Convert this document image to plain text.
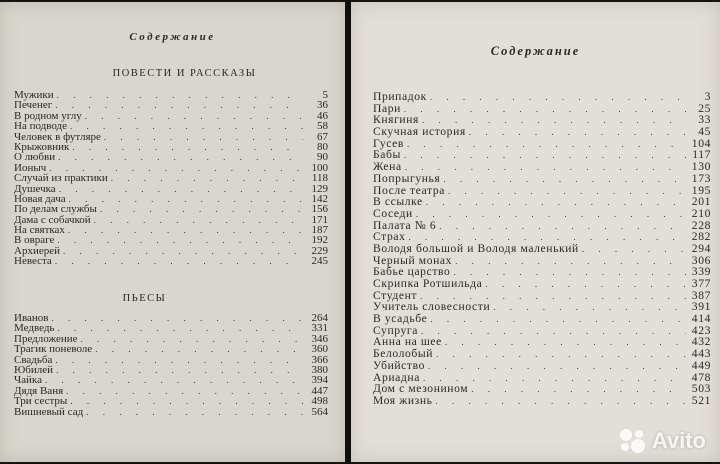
Содержание
ПОВЕСТИ И РАССКАЗЫ
Мужики . . .	5
Печенег . . .	36
В родном углу . . .	46
На подводе . . .	58
Человек в футляре . . .	67
Крыжовник . . .	80
О любви . . .	90
Ионыч . . .	100
Случай из практики . . .	118
Душечка . . .	129
Новая дача . . .	142
По делам службы . . .	156
Дама с собачкой . . .	171
На святках . . .	187
В овраге . . .	192
Архиерей . . .	229
Невеста . . .	245
ПЬЕСЫ
Иванов . . .	264
Медведь . . .	331
Предложение . . .	346
Трагик поневоле . . .	360
Свадьба . . .	366
Юбилей . . .	380
Чайка . . .	394
Дядя Ваня . . .	447
Три сестры . . .	498
Вишневый сад . . .	564
Содержание
Припадок . . .	3
Пари . . .	25
Княгиня . . .	33
Скучная история . . .	45
Гусев . . .	104
Бабы . . .	117
Жена . . .	130
Попрыгунья . . .	173
После театра . . .	195
В ссылке . . .	201
Соседи . . .	210
Палата № 6 . . .	228
Страх . . .	282
Володя большой и Володя маленький . . .	294
Черный монах . . .	306
Бабье царство . . .	339
Скрипка Ротшильда . . .	377
Студент . . .	387
Учитель словесности . . .	391
В усадьбе . . .	414
Супруга . . .	423
Анна на шее . . .	432
Белолобый . . .	443
Убийство . . .	449
Ариадна . . .	478
Дом с мезонином . . .	503
Моя жизнь . . .	521
Avito
